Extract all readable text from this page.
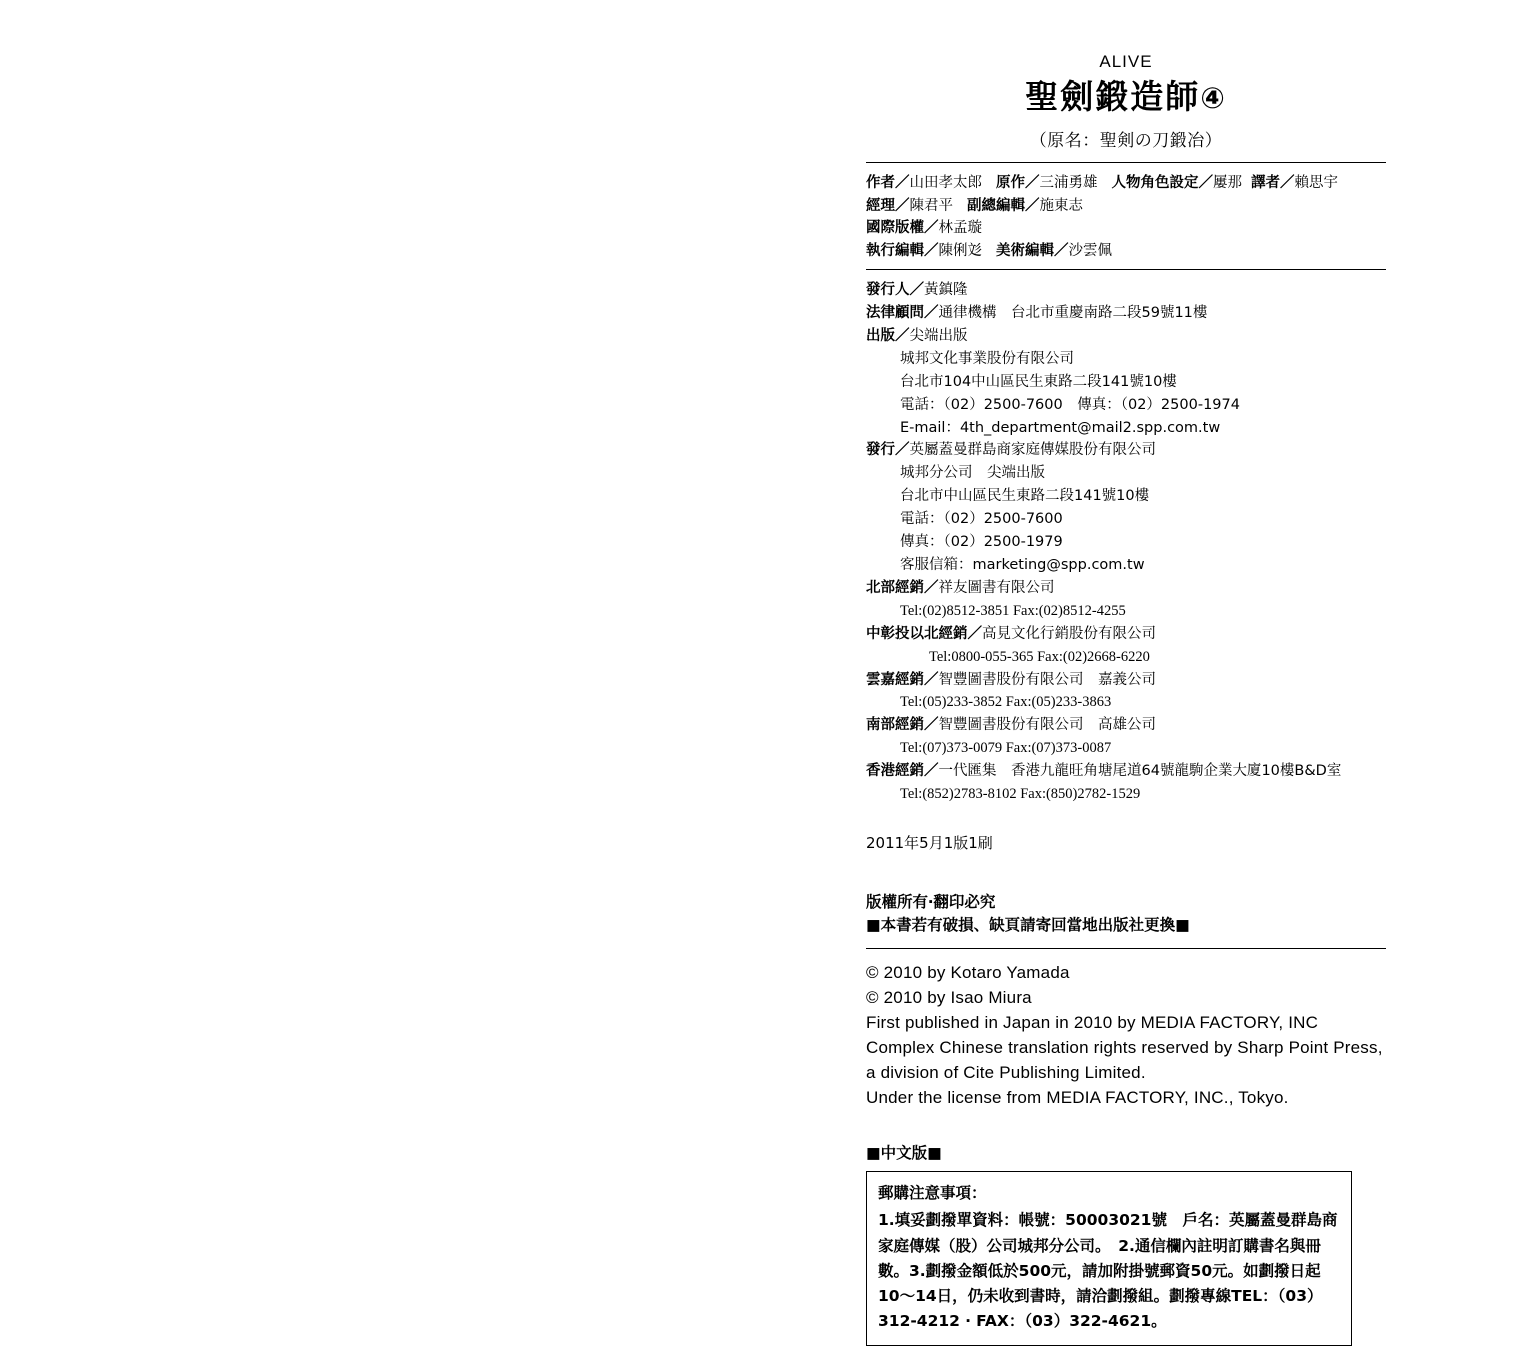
ALIVE
聖劍鍛造師④
（原名：聖剣の刀鍛冶）
作者／山田孝太郎 原作／三浦勇雄 人物角色設定／屢那 譯者／賴思宇
經理／陳君平 副總編輯／施東志
國際版權／林孟璇
執行編輯／陳俐彣 美術編輯／沙雲佩
發行人／黃鎮隆
法律顧問／通律機構　台北市重慶南路二段59號11樓
出版／尖端出版
城邦文化事業股份有限公司
台北市104中山區民生東路二段141號10樓
電話：（02）2500-7600　傳真：（02）2500-1974
E-mail：4th_department@mail2.spp.com.tw
發行／英屬蓋曼群島商家庭傳媒股份有限公司
城邦分公司　尖端出版
台北市中山區民生東路二段141號10樓
電話：（02）2500-7600
傳真：（02）2500-1979
客服信箱：marketing@spp.com.tw
北部經銷／祥友圖書有限公司
Tel:(02)8512-3851 Fax:(02)8512-4255
中彰投以北經銷／高見文化行銷股份有限公司
Tel:0800-055-365 Fax:(02)2668-6220
雲嘉經銷／智豐圖書股份有限公司　嘉義公司
Tel:(05)233-3852 Fax:(05)233-3863
南部經銷／智豐圖書股份有限公司　高雄公司
Tel:(07)373-0079 Fax:(07)373-0087
香港經銷／一代匯集　香港九龍旺角塘尾道64號龍駒企業大廈10樓B&D室
Tel:(852)2783-8102 Fax:(850)2782-1529
2011年5月1版1刷
版權所有‧翻印必究
■本書若有破損、缺頁請寄回當地出版社更換■
© 2010 by Kotaro Yamada
© 2010 by Isao Miura
First published in Japan in 2010 by MEDIA FACTORY, INC
Complex Chinese translation rights reserved by Sharp Point Press,
a division of Cite Publishing Limited.
Under the license from MEDIA FACTORY, INC., Tokyo.
■中文版■
郵購注意事項：
1.填妥劃撥單資料：帳號：50003021號　戶名：英屬蓋曼群島商
家庭傳媒（股）公司城邦分公司。　2.通信欄內註明訂購書名與冊
數。3.劃撥金額低於500元，請加附掛號郵資50元。如劃撥日起
10～14日，仍未收到書時，請洽劃撥組。劃撥專線TEL：（03）
312-4212 ‧ FAX：（03）322-4621。
